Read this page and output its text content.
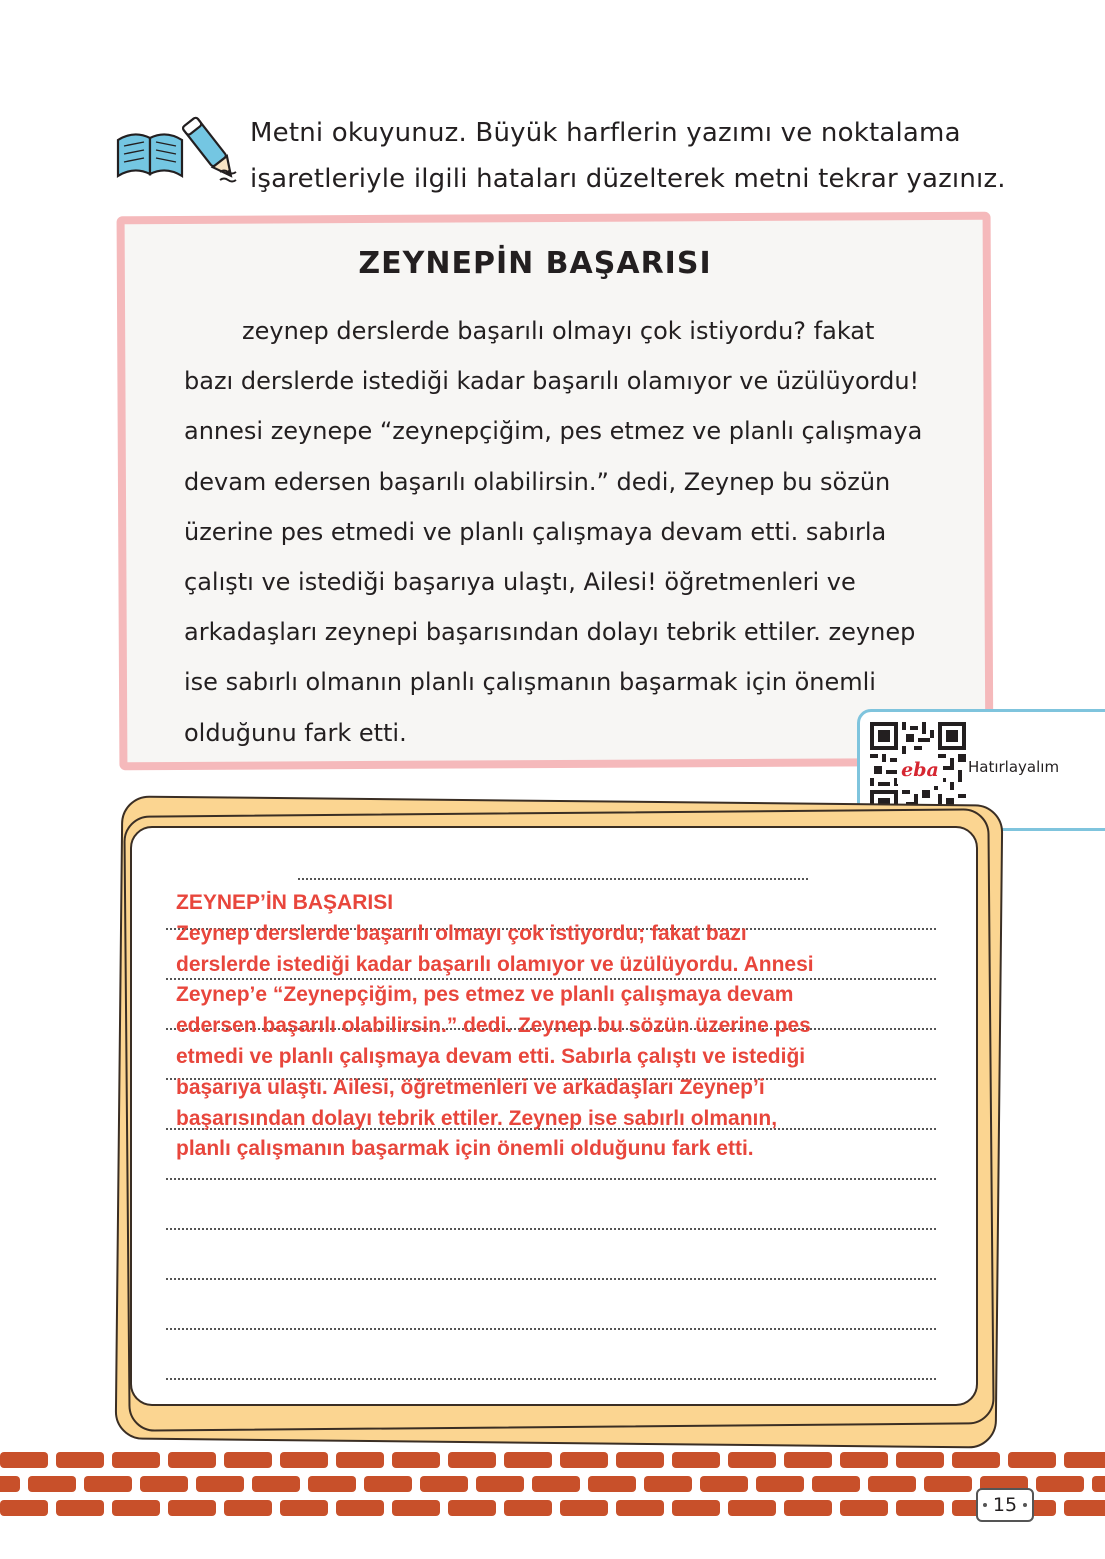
Metni okuyunuz. Büyük harflerin yazımı ve noktalama
işaretleriyle ilgili hataları düzelterek metni tekrar yazınız.
ZEYNEPİN BAŞARISI
zeynep derslerde başarılı olmayı çok istiyordu? fakat
bazı derslerde istediği kadar başarılı olamıyor ve üzülüyordu!
annesi zeynepe “zeynepçiğim, pes etmez ve planlı çalışmaya
devam edersen başarılı olabilirsin.” dedi, Zeynep bu sözün
üzerine pes etmedi ve planlı çalışmaya devam etti. sabırla
çalıştı ve istediği başarıya ulaştı, Ailesi! öğretmenleri ve
arkadaşları zeynepi başarısından dolayı tebrik ettiler. zeynep
ise sabırlı olmanın planlı çalışmanın başarmak için önemli
olduğunu fark etti.
eba Hatırlayalım
ZEYNEP’İN BAŞARISI
Zeynep derslerde başarılı olmayı çok istiyordu; fakat bazı
derslerde istediği kadar başarılı olamıyor ve üzülüyordu. Annesi
Zeynep’e “Zeynepçiğim, pes etmez ve planlı çalışmaya devam
edersen başarılı olabilirsin.” dedi. Zeynep bu sözün üzerine pes
etmedi ve planlı çalışmaya devam etti. Sabırla çalıştı ve istediği
başarıya ulaştı. Ailesi, öğretmenleri ve arkadaşları Zeynep’i
başarısından dolayı tebrik ettiler. Zeynep ise sabırlı olmanın,
planlı çalışmanın başarmak için önemli olduğunu fark etti.
15
